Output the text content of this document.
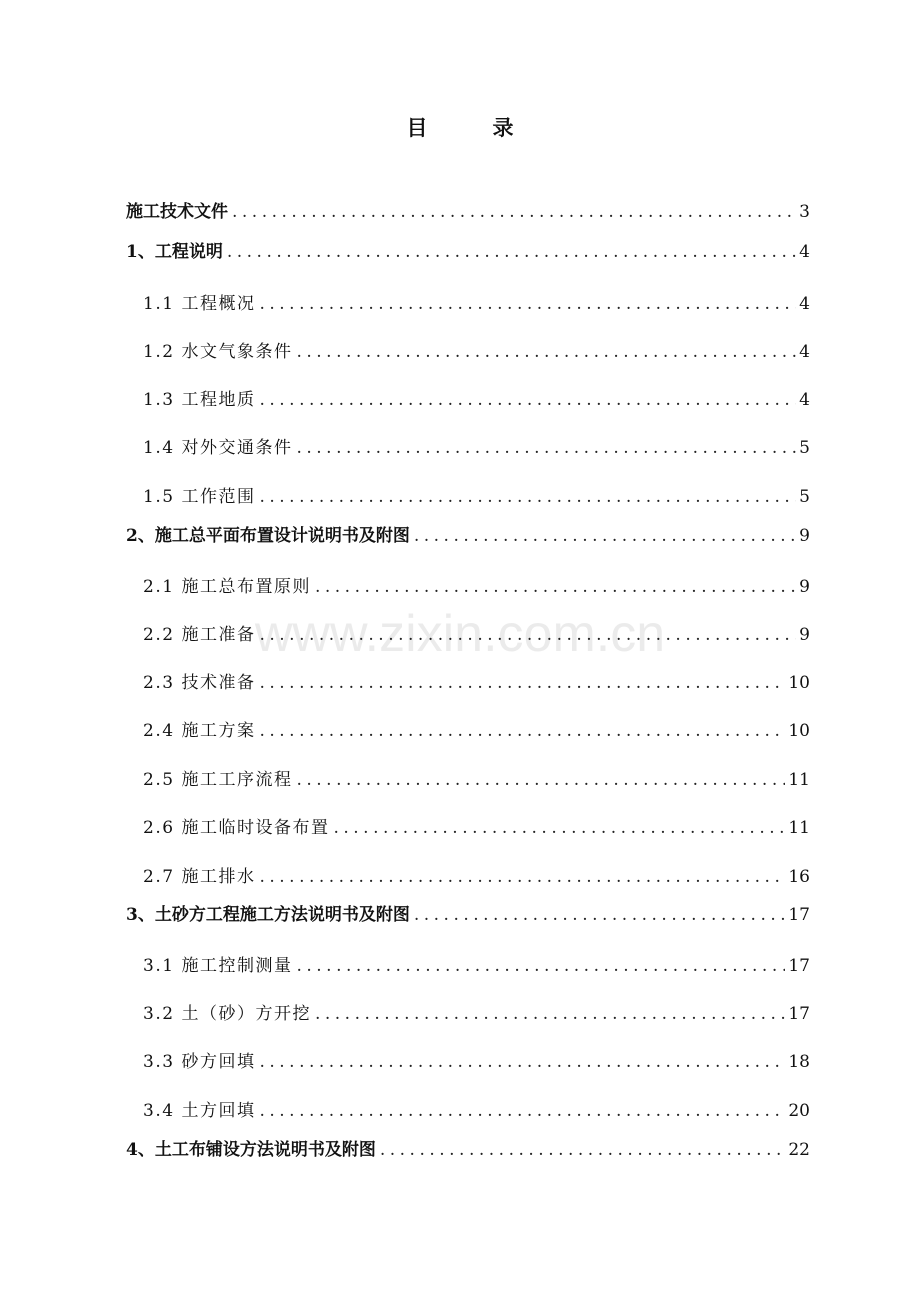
目　录
www.zixin.com.cn
施工技术文件 .....	3
1、工程说明 .....	4
1.1 工程概况 .....	4
1.2 水文气象条件 .....	4
1.3 工程地质 .....	4
1.4 对外交通条件 .....	5
1.5 工作范围 .....	5
2、施工总平面布置设计说明书及附图 .....	9
2.1 施工总布置原则 .....	9
2.2 施工准备 .....	9
2.3 技术准备 .....	10
2.4 施工方案 .....	10
2.5 施工工序流程 .....	11
2.6 施工临时设备布置 .....	11
2.7 施工排水 .....	16
3、土砂方工程施工方法说明书及附图 .....	17
3.1 施工控制测量 .....	17
3.2 土（砂）方开挖 .....	17
3.3 砂方回填 .....	18
3.4 土方回填 .....	20
4、土工布铺设方法说明书及附图 .....	22
